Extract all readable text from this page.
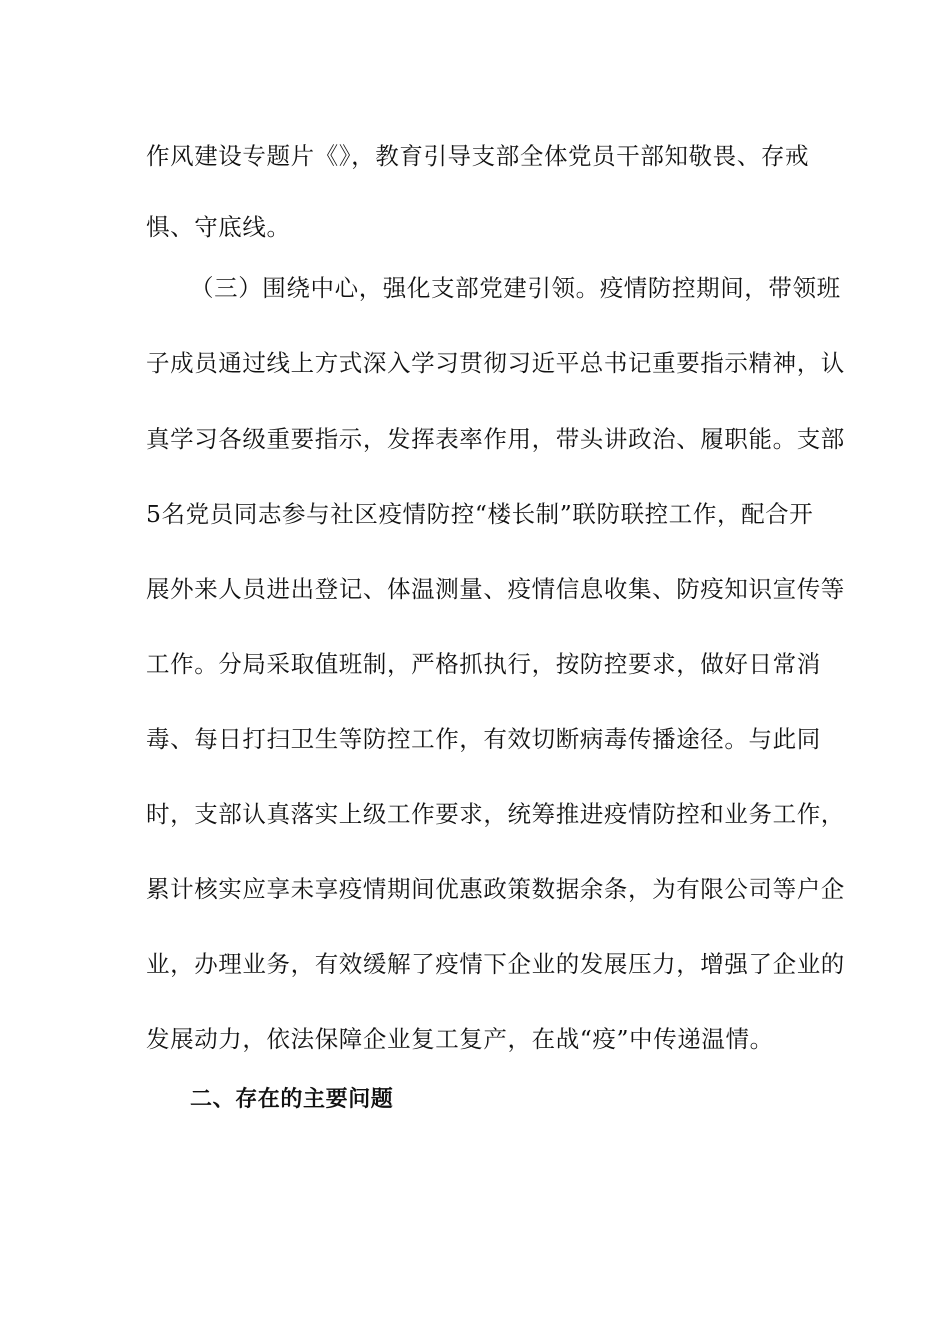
作风建设专题片《》，教育引导支部全体党员干部知敬畏、存戒
惧、守底线。
（三）围绕中心，强化支部党建引领。疫情防控期间，带领班
子成员通过线上方式深入学习贯彻习近平总书记重要指示精神，认
真学习各级重要指示，发挥表率作用，带头讲政治、履职能。支部
5名党员同志参与社区疫情防控“楼长制”联防联控工作，配合开
展外来人员进出登记、体温测量、疫情信息收集、防疫知识宣传等
工作。分局采取值班制，严格抓执行，按防控要求，做好日常消
毒、每日打扫卫生等防控工作，有效切断病毒传播途径。与此同
时，支部认真落实上级工作要求，统筹推进疫情防控和业务工作，
累计核实应享未享疫情期间优惠政策数据余条，为有限公司等户企
业，办理业务，有效缓解了疫情下企业的发展压力，增强了企业的
发展动力，依法保障企业复工复产，在战“疫”中传递温情。
二、存在的主要问题
